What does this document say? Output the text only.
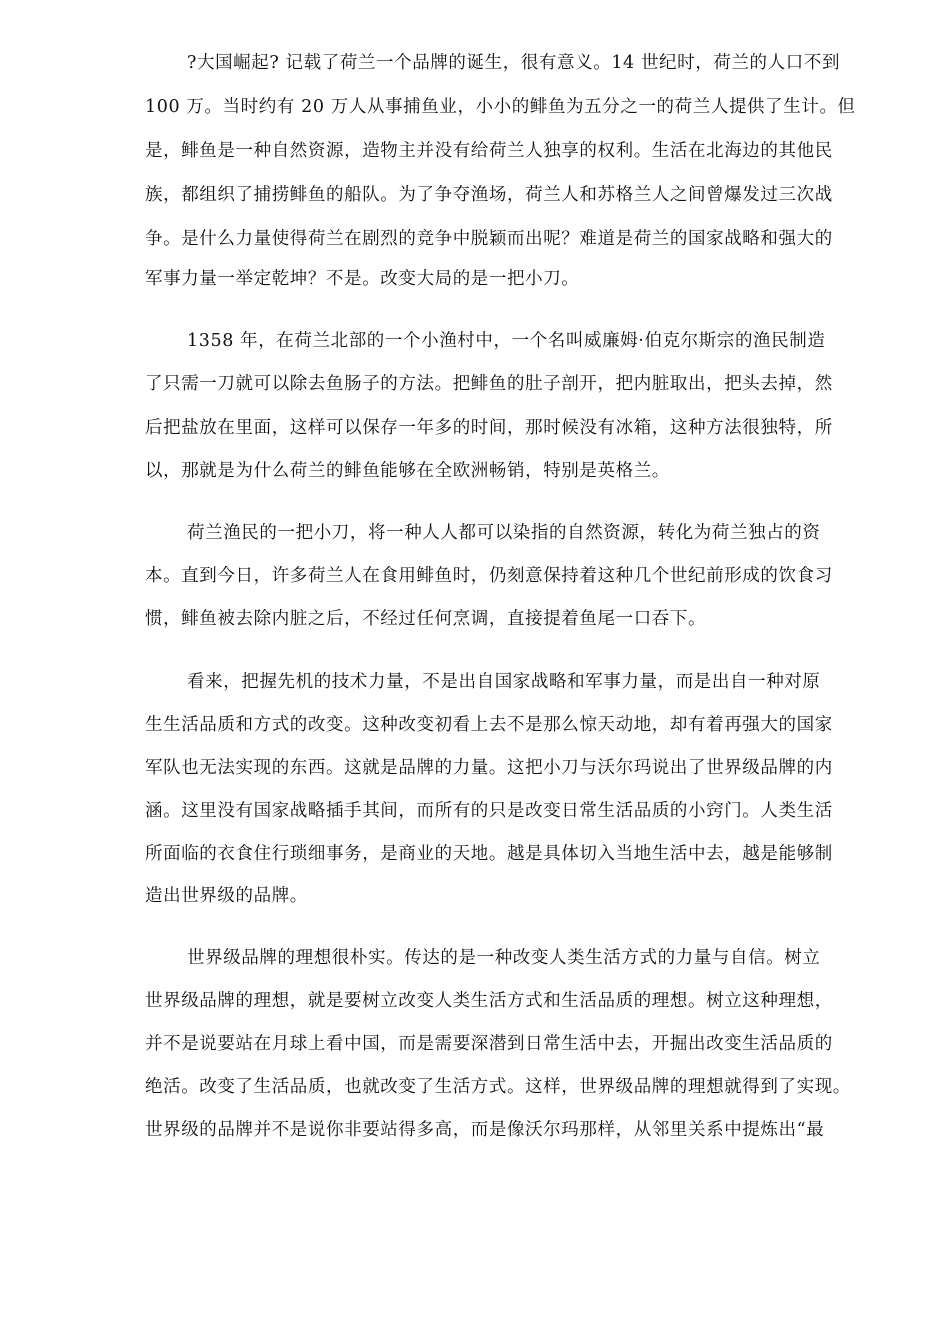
?大国崛起? 记载了荷兰一个品牌的诞生，很有意义。14 世纪时，荷兰的人口不到
100 万。当时约有 20 万人从事捕鱼业，小小的鲱鱼为五分之一的荷兰人提供了生计。但
是，鲱鱼是一种自然资源，造物主并没有给荷兰人独享的权利。生活在北海边的其他民
族，都组织了捕捞鲱鱼的船队。为了争夺渔场，荷兰人和苏格兰人之间曾爆发过三次战
争。是什么力量使得荷兰在剧烈的竞争中脱颖而出呢？难道是荷兰的国家战略和强大的
军事力量一举定乾坤？不是。改变大局的是一把小刀。
1358 年，在荷兰北部的一个小渔村中，一个名叫威廉姆·伯克尔斯宗的渔民制造
了只需一刀就可以除去鱼肠子的方法。把鲱鱼的肚子剖开，把内脏取出，把头去掉，然
后把盐放在里面，这样可以保存一年多的时间，那时候没有冰箱，这种方法很独特，所
以，那就是为什么荷兰的鲱鱼能够在全欧洲畅销，特别是英格兰。
荷兰渔民的一把小刀，将一种人人都可以染指的自然资源，转化为荷兰独占的资
本。直到今日，许多荷兰人在食用鲱鱼时，仍刻意保持着这种几个世纪前形成的饮食习
惯，鲱鱼被去除内脏之后，不经过任何烹调，直接提着鱼尾一口吞下。
看来，把握先机的技术力量，不是出自国家战略和军事力量，而是出自一种对原
生生活品质和方式的改变。这种改变初看上去不是那么惊天动地，却有着再强大的国家
军队也无法实现的东西。这就是品牌的力量。这把小刀与沃尔玛说出了世界级品牌的内
涵。这里没有国家战略插手其间，而所有的只是改变日常生活品质的小窍门。人类生活
所面临的衣食住行琐细事务，是商业的天地。越是具体切入当地生活中去，越是能够制
造出世界级的品牌。
世界级品牌的理想很朴实。传达的是一种改变人类生活方式的力量与自信。树立
世界级品牌的理想，就是要树立改变人类生活方式和生活品质的理想。树立这种理想，
并不是说要站在月球上看中国，而是需要深潜到日常生活中去，开掘出改变生活品质的
绝活。改变了生活品质，也就改变了生活方式。这样，世界级品牌的理想就得到了实现。
世界级的品牌并不是说你非要站得多高，而是像沃尔玛那样，从邻里关系中提炼出“最
